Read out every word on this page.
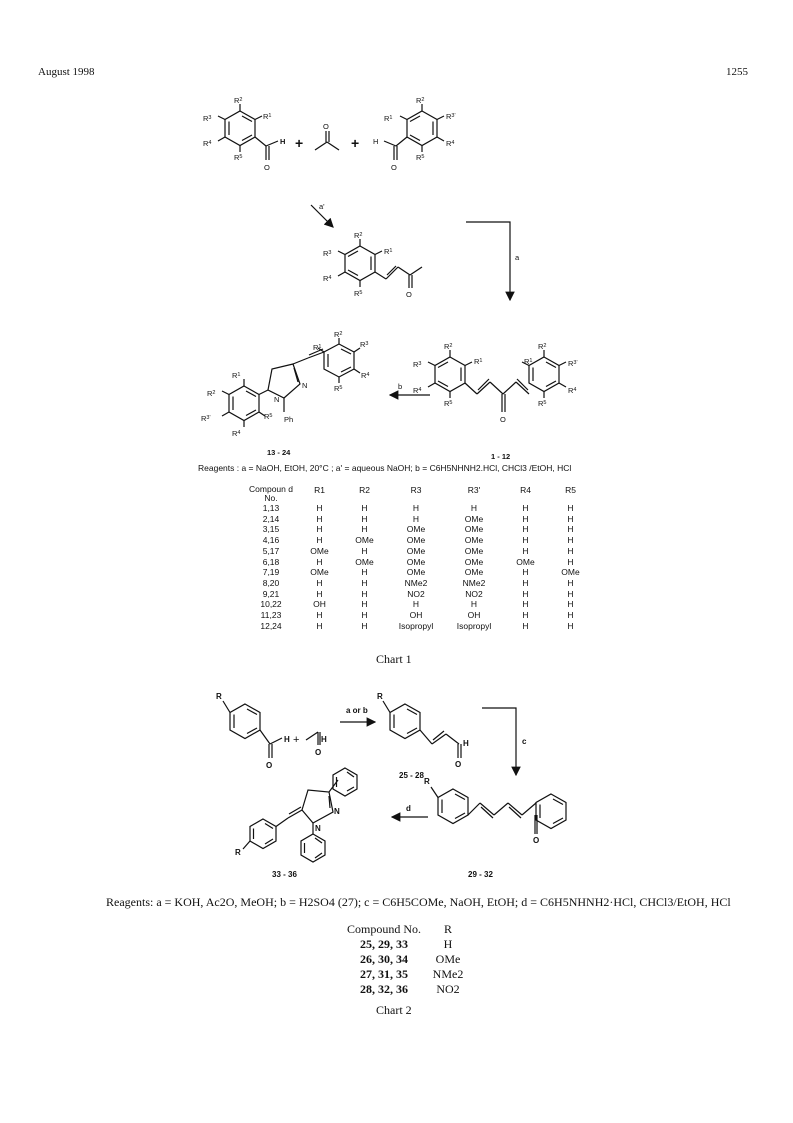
August 1998	1255
$R^2$
$R^3$	$R^1$
$R^4$
$R^5$
H
O
+
O
+
$R^2$
$R^1$	$R^{3'}$
$R^4$
$R^5$
H
O
a'
a
b
$R^2$
$R^3$	$R^1$
$R^4$
$R^5$	O
$R^1$
$R^2$
$R^{3'}$
$R^4$
$R^5$
N
N
Ph
$R^1$
$R^2$
$R^3$
$R^4$
$R^5$
13 - 24
$R^2$
$R^3$	$R^1$
$R^4$
$R^5$
O
$R^1$
$R^2$
$R^{3'}$
$R^4$
$R^5$
1 - 12
Reagents : a = NaOH, EtOH, 20°C ; a' = aqueous NaOH; b = C6H5NHNH2.HCl, CHCl3 /EtOH, HCl
Compoun d No.	R1	R2	R3	R3'	R4	R5
1,13	H	H	H	H	H	H
2,14	H	H	H	OMe	H	H
3,15	H	H	OMe	OMe	H	H
4,16	H	OMe	OMe	OMe	H	H
5,17	OMe	H	OMe	OMe	H	H
6,18	H	OMe	OMe	OMe	OMe	H
7,19	OMe	H	OMe	OMe	H	OMe
8,20	H	H	NMe2	NMe2	H	H
9,21	H	H	NO2	NO2	H	H
10,22	OH	H	H	H	H	H
11,23	H	H	OH	OH	H	H
12,24	H	H	Isopropyl	Isopropyl	H	H
Chart 1
R
H +	H
O
O
a or b
R
H
O
25 - 28
c
R
O
d
R
N
N
33 - 36	29 - 32
Reagents: a = KOH, Ac2O, MeOH; b = H2SO4 (27); c = C6H5COMe, NaOH, EtOH; d = C6H5NHNH2·HCl, CHCl3/EtOH, HCl
Compound No.	R
25, 29, 33	H
26, 30, 34	OMe
27, 31, 35	NMe2
28, 32, 36	NO2
Chart 2
